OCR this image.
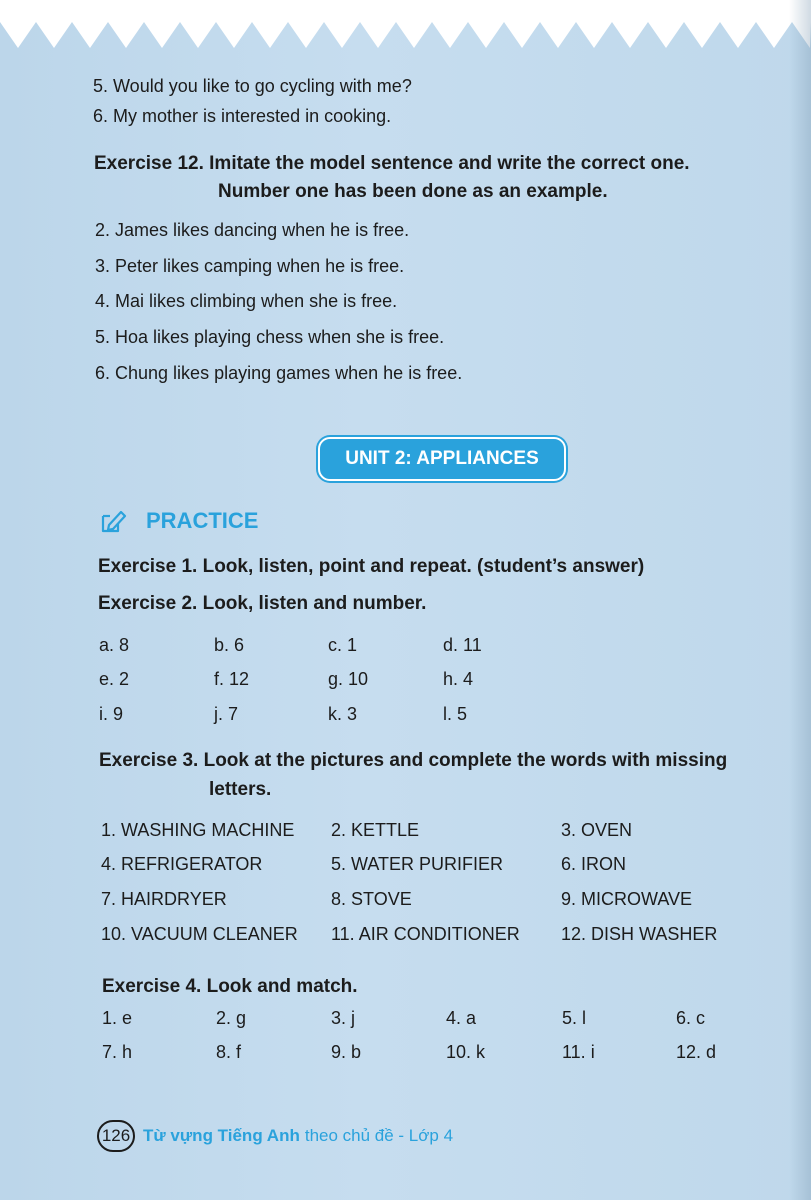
5. Would you like to go cycling with me?
6. My mother is interested in cooking.
Exercise 12. Imitate the model sentence and write the correct one.
Number one has been done as an example.
2. James likes dancing when he is free.
3. Peter likes camping when he is free.
4. Mai likes climbing when she is free.
5. Hoa likes playing chess when she is free.
6. Chung likes playing games when he is free.
UNIT 2: APPLIANCES
PRACTICE
Exercise 1. Look, listen, point and repeat. (student’s answer)
Exercise 2. Look, listen and number.
a. 8	b. 6	c. 1	d. 11
e. 2	f. 12	g. 10	h. 4
i. 9	j. 7	k. 3	l. 5
Exercise 3. Look at the pictures and complete the words with missing
letters.
1. WASHING MACHINE 2. KETTLE	3. OVEN
4. REFRIGERATOR	5. WATER PURIFIER	6. IRON
7. HAIRDRYER	8. STOVE	9. MICROWAVE
10. VACUUM CLEANER 11. AIR CONDITIONER 12. DISH WASHER
Exercise 4. Look and match.
1. e	2. g	3. j	4. a	5. l	6. c
7. h	8. f	9. b	10. k	11. i	12. d
126 Từ vựng Tiếng Anh theo chủ đề - Lớp 4
